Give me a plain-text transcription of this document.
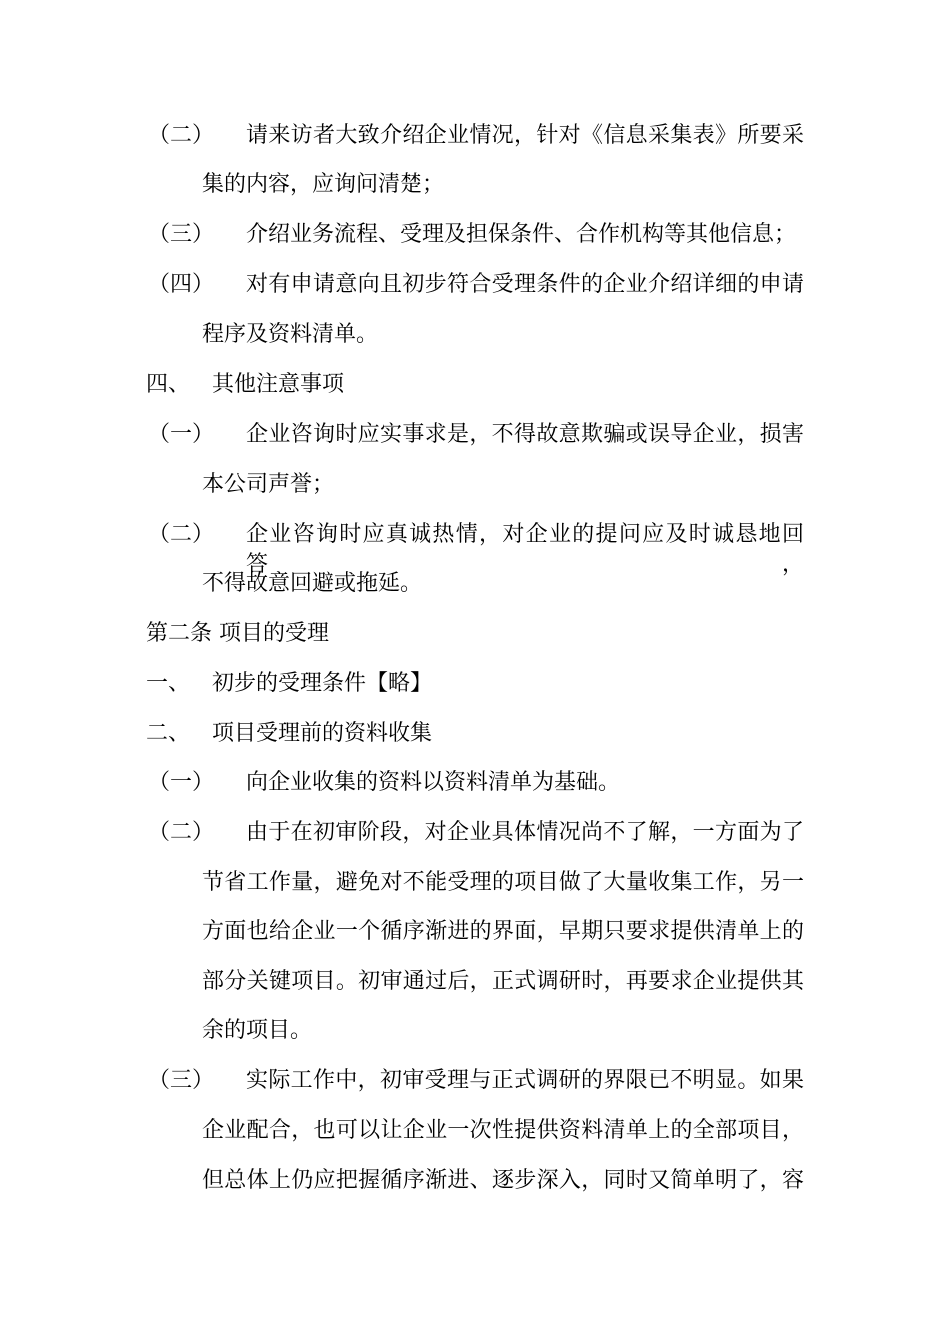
（二） 请来访者大致介绍企业情况，针对《信息采集表》所要采
集的内容，应询问清楚；
（三） 介绍业务流程、受理及担保条件、合作机构等其他信息；
（四） 对有申请意向且初步符合受理条件的企业介绍详细的申请
程序及资料清单。
四、 其他注意事项
（一） 企业咨询时应实事求是，不得故意欺骗或误导企业，损害
本公司声誉；
（二） 企业咨询时应真诚热情，对企业的提问应及时诚恳地回答，
不得故意回避或拖延。
第二条 项目的受理
一、 初步的受理条件【略】
二、 项目受理前的资料收集
（一） 向企业收集的资料以资料清单为基础。
（二） 由于在初审阶段，对企业具体情况尚不了解，一方面为了
节省工作量，避免对不能受理的项目做了大量收集工作，另一
方面也给企业一个循序渐进的界面，早期只要求提供清单上的
部分关键项目。初审通过后，正式调研时，再要求企业提供其
余的项目。
（三） 实际工作中，初审受理与正式调研的界限已不明显。如果
企业配合，也可以让企业一次性提供资料清单上的全部项目，
但总体上仍应把握循序渐进、逐步深入，同时又简单明了，容
